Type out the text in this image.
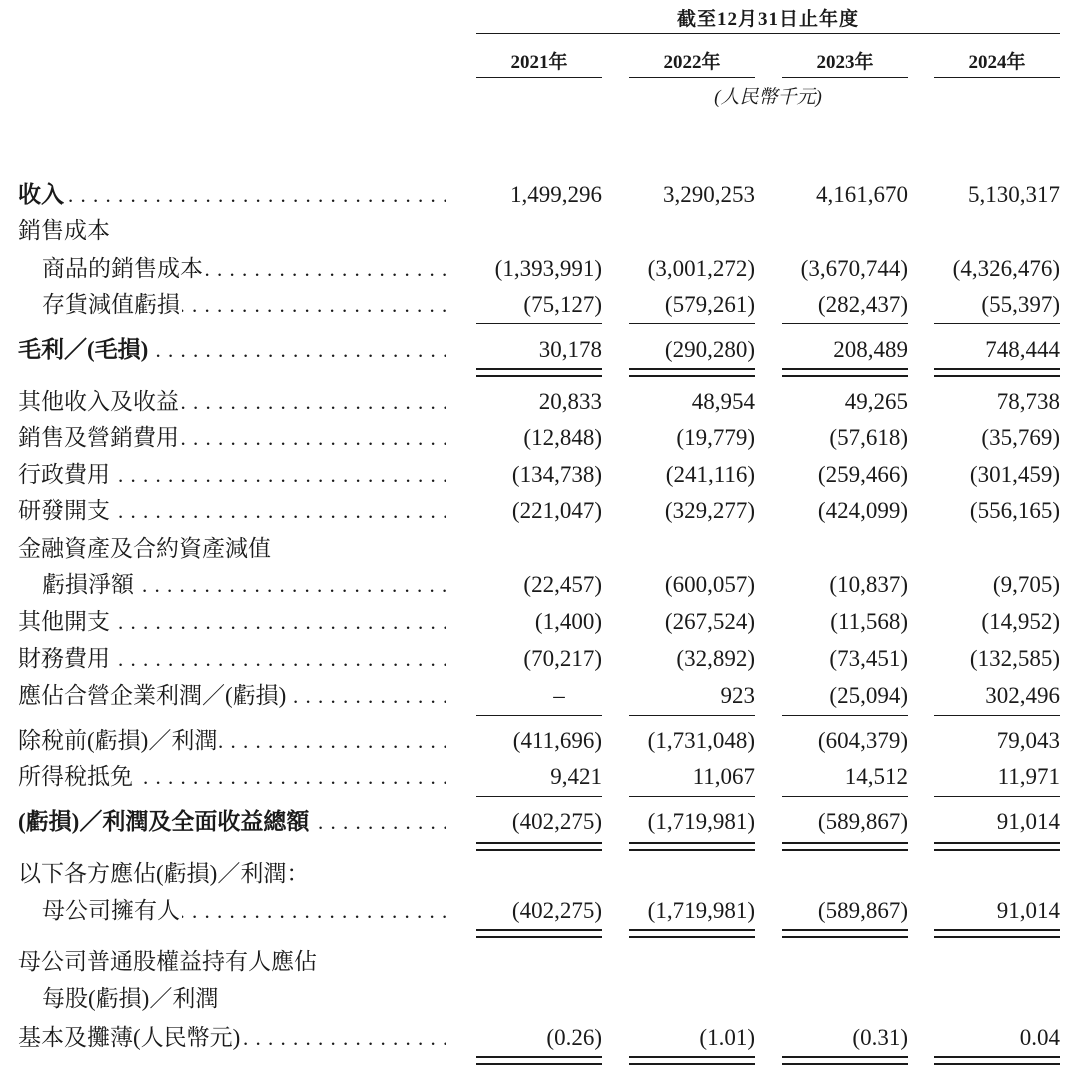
截至12月31日止年度
2021年	2022年	2023年	2024年
(人民幣千元)
收入 . . .	1,499,296	3,290,253	4,161,670	5,130,317
銷售成本
商品的銷售成本 . . .	(1,393,991)	(3,001,272)	(3,670,744)	(4,326,476)
存貨減值虧損 . . .	(75,127)	(579,261)	(282,437)	(55,397)
毛利／(毛損) . . .	30,178	(290,280)	208,489	748,444
其他收入及收益 . . .	20,833	48,954	49,265	78,738
銷售及營銷費用 . . .	(12,848)	(19,779)	(57,618)	(35,769)
行政費用 . . .	(134,738)	(241,116)	(259,466)	(301,459)
研發開支 . . .	(221,047)	(329,277)	(424,099)	(556,165)
金融資產及合約資產減值
虧損淨額 . . .	(22,457)	(600,057)	(10,837)	(9,705)
其他開支 . . .	(1,400)	(267,524)	(11,568)	(14,952)
財務費用 . . .	(70,217)	(32,892)	(73,451)	(132,585)
應佔合營企業利潤／(虧損) . . .	–	923	(25,094)	302,496
除稅前(虧損)／利潤 . . .	(411,696)	(1,731,048)	(604,379)	79,043
所得稅抵免 . . .	9,421	11,067	14,512	11,971
(虧損)／利潤及全面收益總額 . . .	(402,275)	(1,719,981)	(589,867)	91,014
以下各方應佔(虧損)／利潤：
母公司擁有人 . . .	(402,275)	(1,719,981)	(589,867)	91,014
母公司普通股權益持有人應佔
每股(虧損)／利潤
基本及攤薄(人民幣元) . . .	(0.26)	(1.01)	(0.31)	0.04
